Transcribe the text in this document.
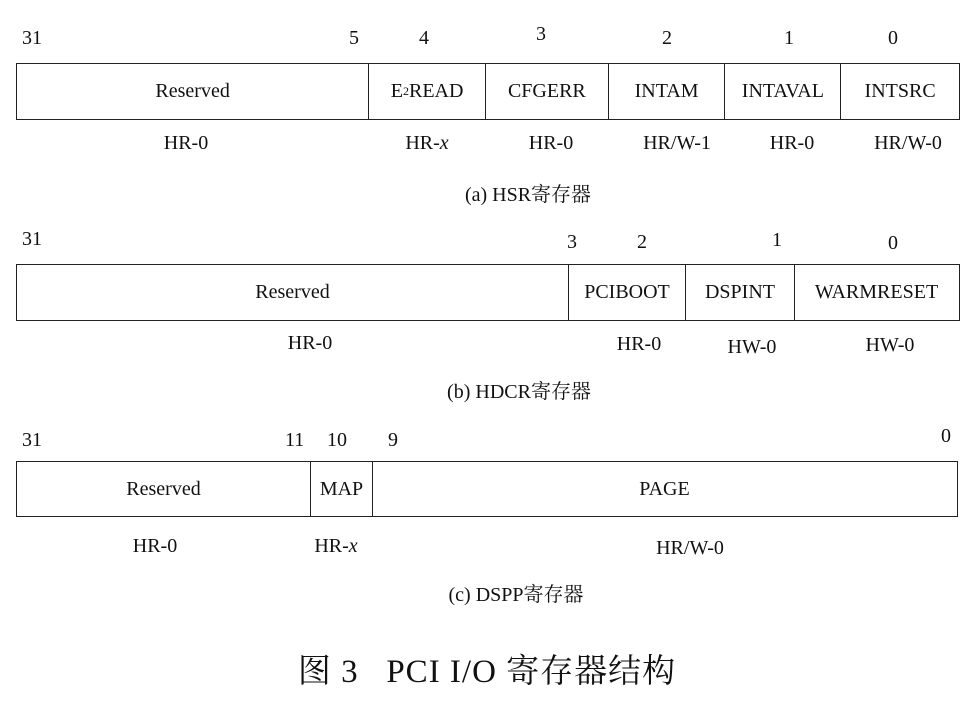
31	5	4	3	2	1	0
Reserved	E 2 READ	CFGERR	INTAM	INTAVAL	INTSRC
HR-0	HR-x	HR-0	HR/W-1	HR-0	HR/W-0
(a) HSR寄存器
31	3	2	1	0
Reserved	PCIBOOT	DSPINT	WARMRESET
HR-0	HR-0	HW-0	HW-0
(b) HDCR寄存器
31	11 10 9	0
Reserved	MAP	PAGE
HR-0	HR-x	HR/W-0
(c) DSPP寄存器
图 3   PCI I/O 寄存器结构
